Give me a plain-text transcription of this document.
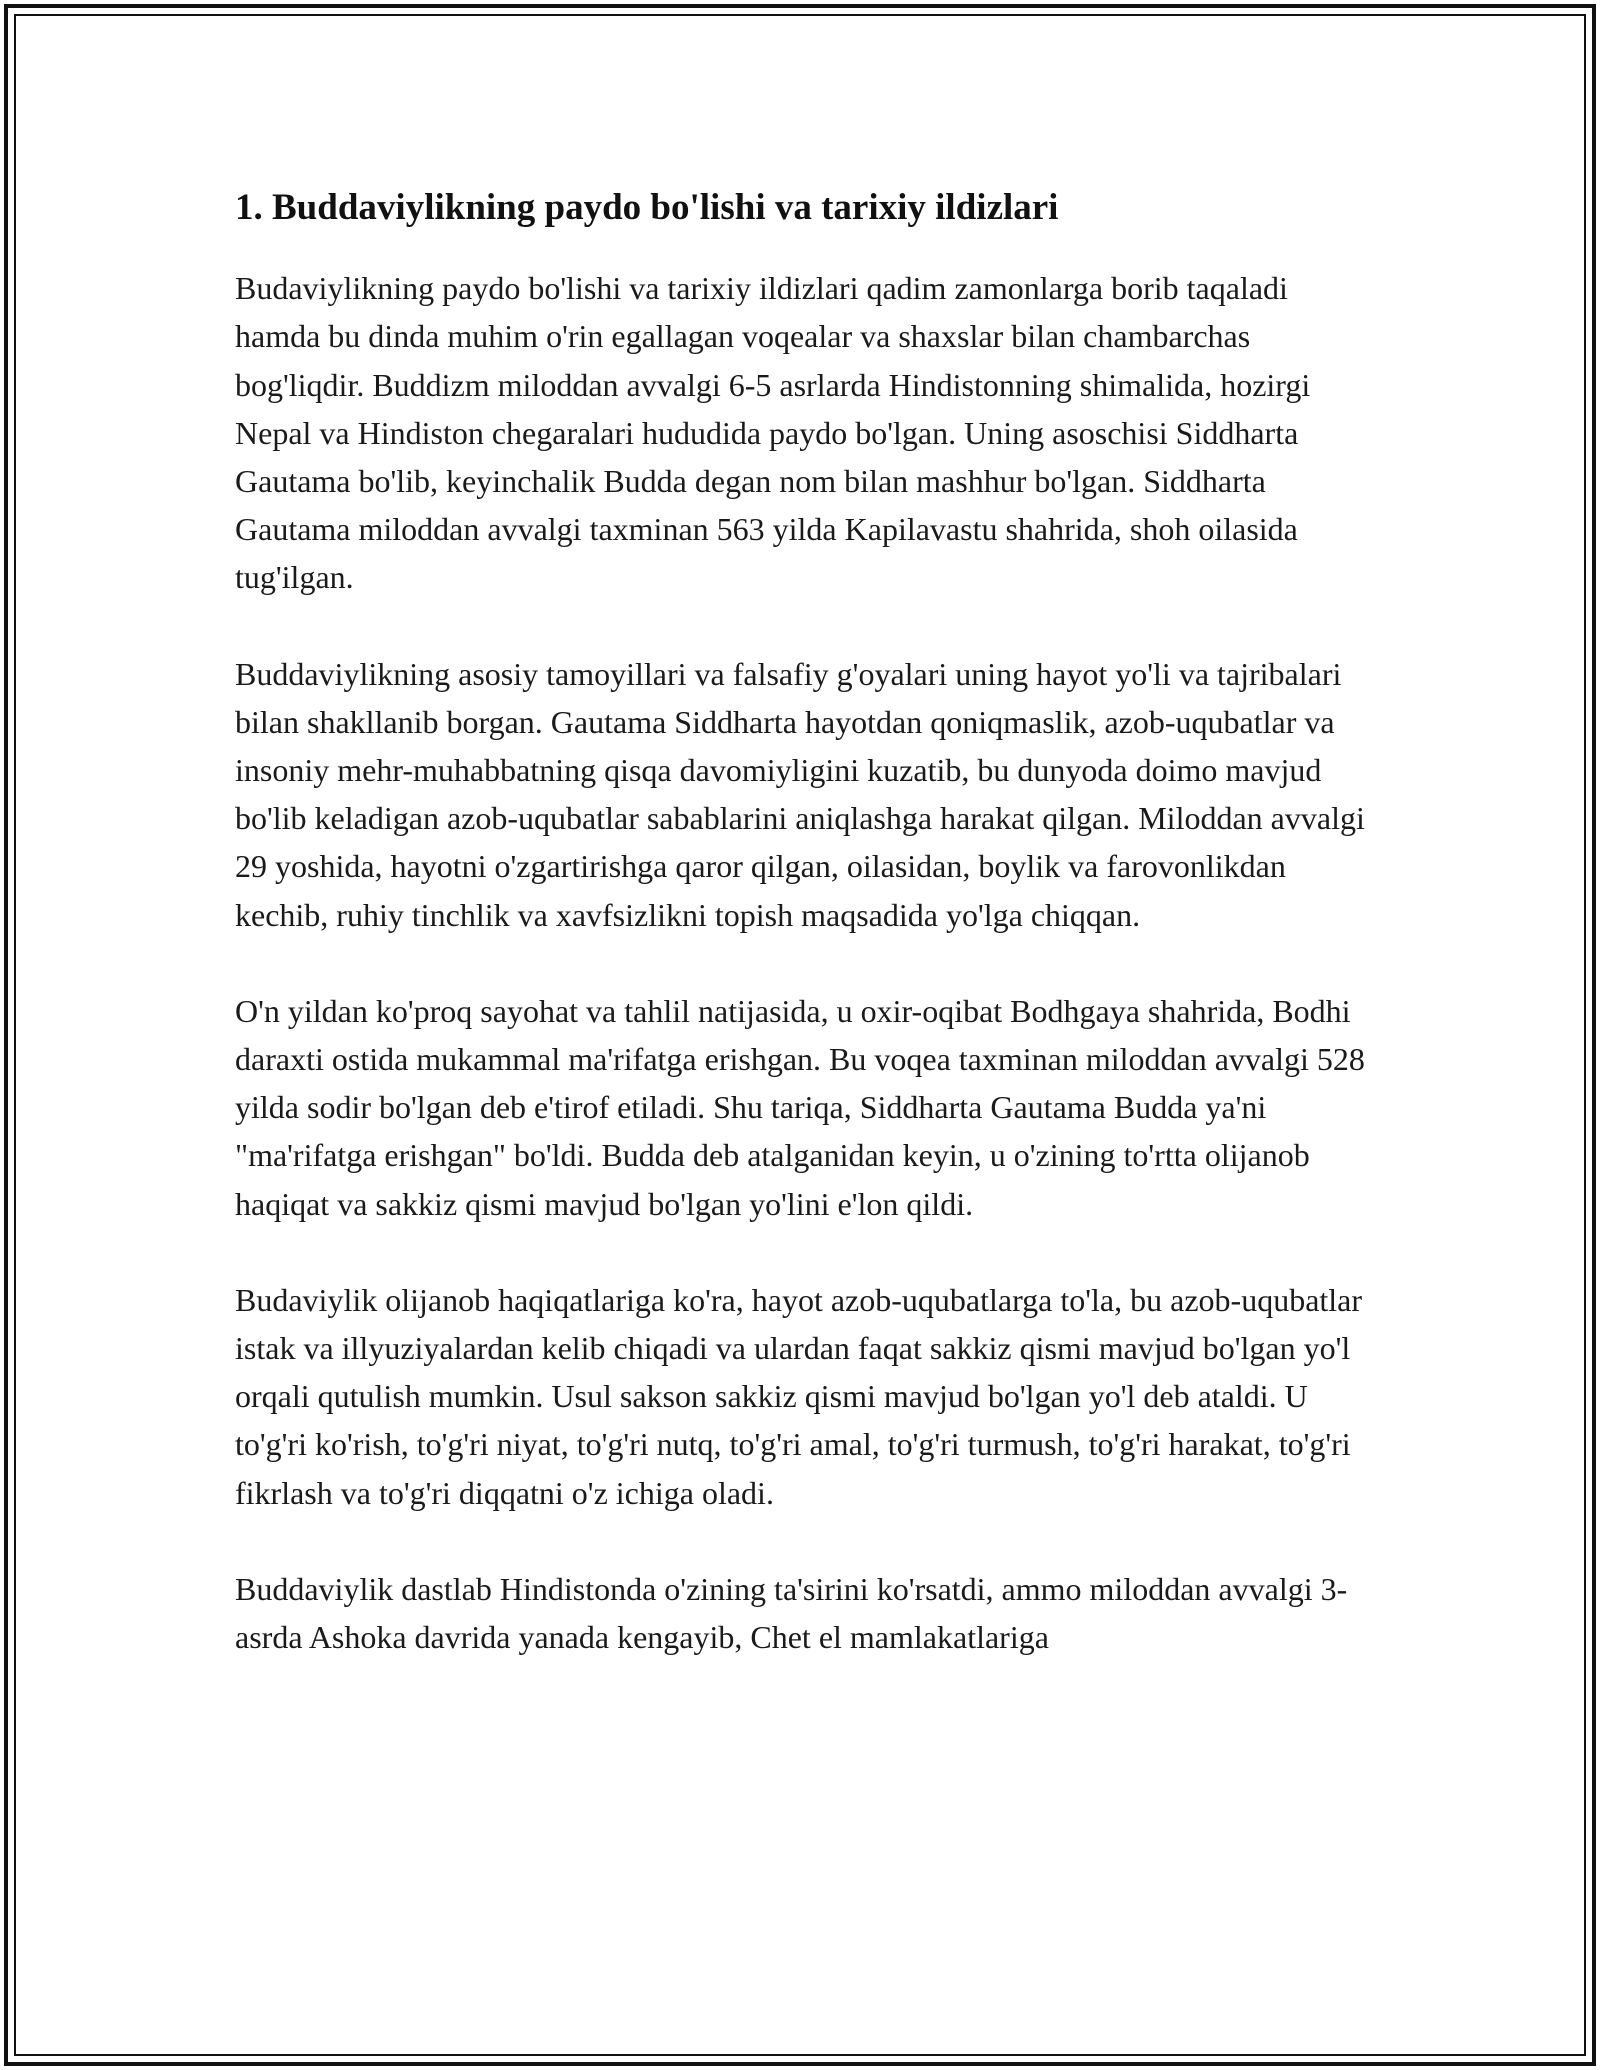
1. Buddaviylikning paydo bo'lishi va tarixiy ildizlari

Budaviylikning paydo bo'lishi va tarixiy ildizlari qadim zamonlarga borib taqaladi hamda bu dinda muhim o'rin egallagan voqealar va shaxslar bilan chambarchas bog'liqdir. Buddizm miloddan avvalgi 6-5 asrlarda Hindistonning shimalida, hozirgi Nepal va Hindiston chegaralari hududida paydo bo'lgan. Uning asoschisi Siddharta Gautama bo'lib, keyinchalik Budda degan nom bilan mashhur bo'lgan. Siddharta Gautama miloddan avvalgi taxminan 563 yilda Kapilavastu shahrida, shoh oilasida tug'ilgan.

Buddaviylikning asosiy tamoyillari va falsafiy g'oyalari uning hayot yo'li va tajribalari bilan shakllanib borgan. Gautama Siddharta hayotdan qoniqmaslik, azob-uqubatlar va insoniy mehr-muhabbatning qisqa davomiyligini kuzatib, bu dunyoda doimo mavjud bo'lib keladigan azob-uqubatlar sabablarini aniqlashga harakat qilgan. Miloddan avvalgi 29 yoshida, hayotni o'zgartirishga qaror qilgan, oilasidan, boylik va farovonlikdan kechib, ruhiy tinchlik va xavfsizlikni topish maqsadida yo'lga chiqqan.

O'n yildan ko'proq sayohat va tahlil natijasida, u oxir-oqibat Bodhgaya shahrida, Bodhi daraxti ostida mukammal ma'rifatga erishgan. Bu voqea taxminan miloddan avvalgi 528 yilda sodir bo'lgan deb e'tirof etiladi. Shu tariqa, Siddharta Gautama Budda ya'ni "ma'rifatga erishgan" bo'ldi. Budda deb atalganidan keyin, u o'zining to'rtta olijanob haqiqat va sakkiz qismi mavjud bo'lgan yo'lini e'lon qildi.

Budaviylik olijanob haqiqatlariga ko'ra, hayot azob-uqubatlarga to'la, bu azob-uqubatlar istak va illyuziyalardan kelib chiqadi va ulardan faqat sakkiz qismi mavjud bo'lgan yo'l orqali qutulish mumkin. Usul sakson sakkiz qismi mavjud bo'lgan yo'l deb ataldi. U to'g'ri ko'rish, to'g'ri niyat, to'g'ri nutq, to'g'ri amal, to'g'ri turmush, to'g'ri harakat, to'g'ri fikrlash va to'g'ri diqqatni o'z ichiga oladi.

Buddaviylik dastlab Hindistonda o'zining ta'sirini ko'rsatdi, ammo miloddan avvalgi 3-asrda Ashoka davrida yanada kengayib, Chet el mamlakatlariga
